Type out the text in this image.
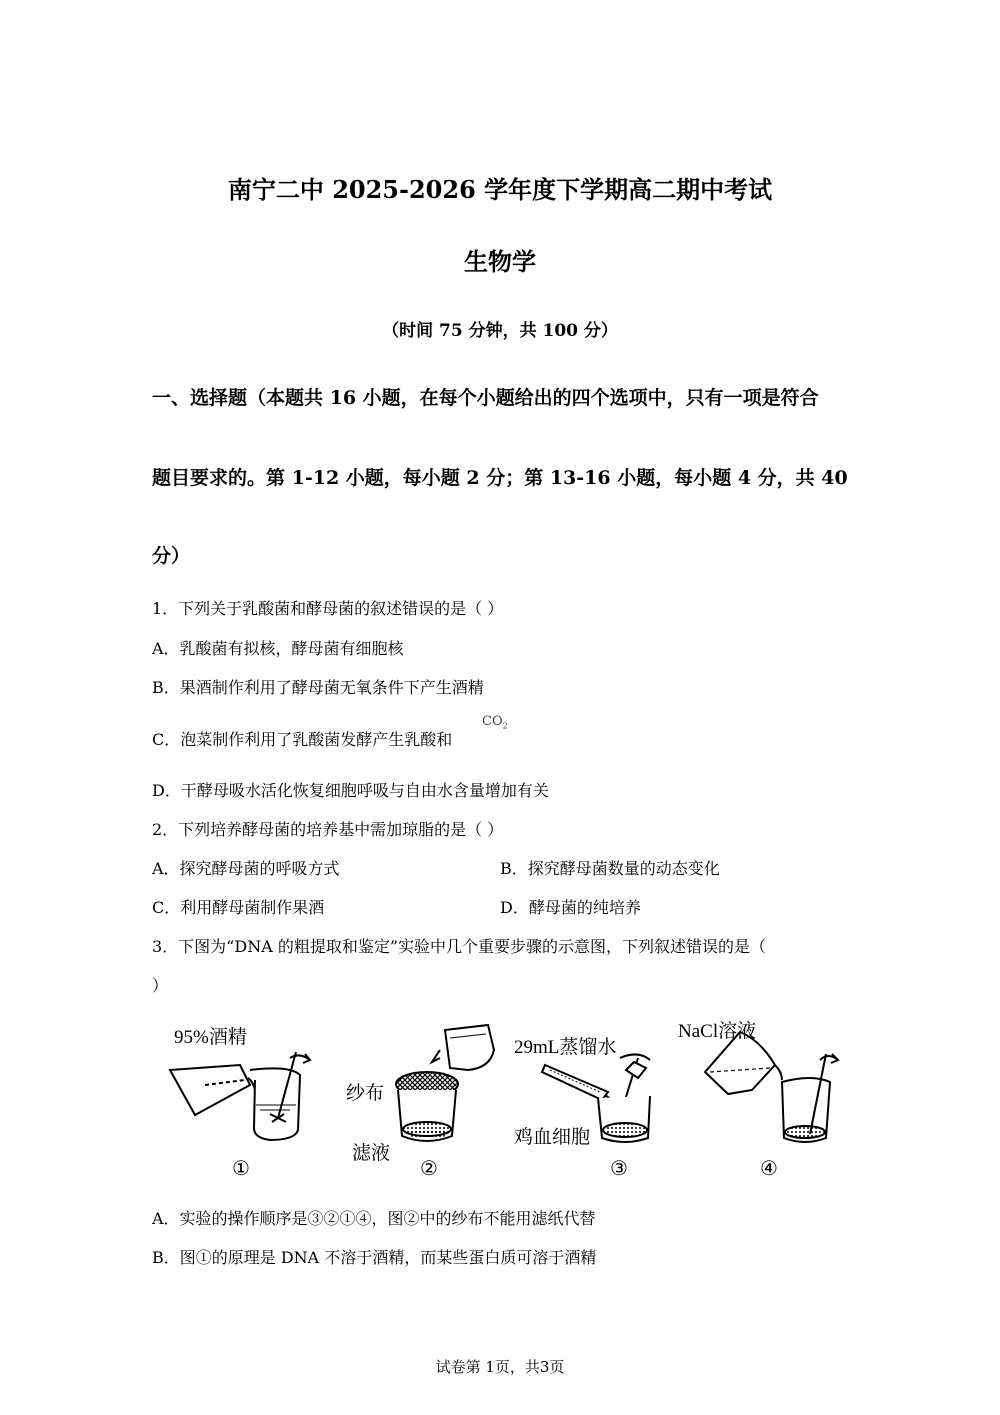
南宁二中 2025-2026 学年度下学期高二期中考试
生物学
（时间 75 分钟，共 100 分）
一、选择题（本题共 16 小题，在每个小题给出的四个选项中，只有一项是符合
题目要求的。第 1-12 小题，每小题 2 分；第 13-16 小题，每小题 4 分，共 40
分）
1．下列关于乳酸菌和酵母菌的叙述错误的是（ ）
A．乳酸菌有拟核，酵母菌有细胞核
B．果酒制作利用了酵母菌无氧条件下产生酒精
C．泡菜制作利用了乳酸菌发酵产生乳酸和
$CO_2$
D．干酵母吸水活化恢复细胞呼吸与自由水含量增加有关
2．下列培养酵母菌的培养基中需加琼脂的是（ ）
A．探究酵母菌的呼吸方式	B．探究酵母菌数量的动态变化
C．利用酵母菌制作果酒	D．酵母菌的纯培养
3．下图为“DNA 的粗提取和鉴定”实验中几个重要步骤的示意图，下列叙述错误的是（
）
95%酒精
纱布
滤液
29mL蒸馏水
鸡血细胞
NaCl溶液
①	②	③	④
A．实验的操作顺序是③②①④，图②中的纱布不能用滤纸代替
B．图①的原理是 DNA 不溶于酒精，而某些蛋白质可溶于酒精
试卷第 1页，共3页
